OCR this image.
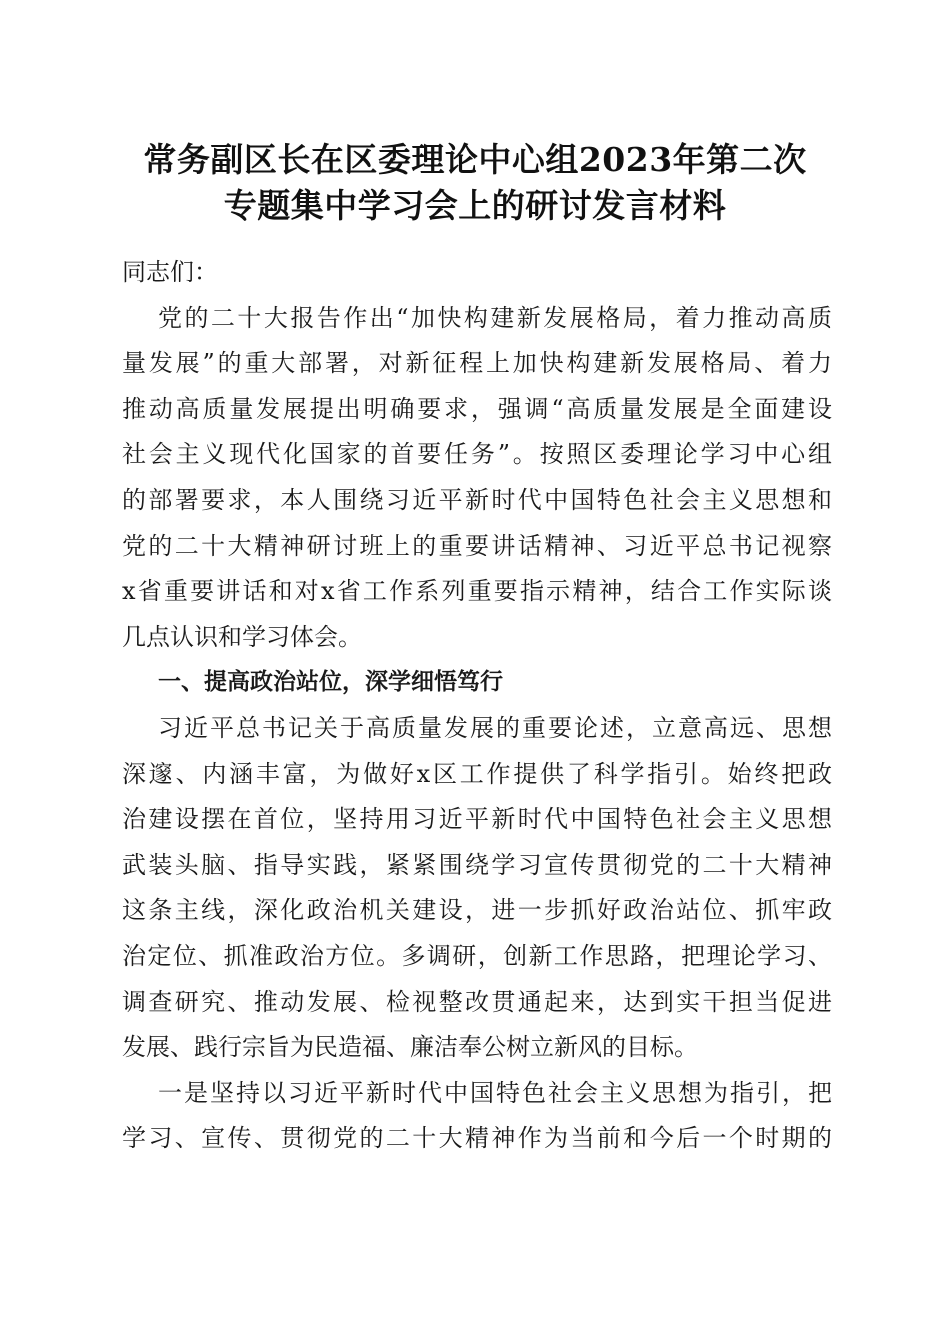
常务副区长在区委理论中心组2023年第二次
专题集中学习会上的研讨发言材料
同志们：
党的二十大报告作出“加快构建新发展格局，着力推动高质
量发展”的重大部署，对新征程上加快构建新发展格局、着力
推动高质量发展提出明确要求，强调“高质量发展是全面建设
社会主义现代化国家的首要任务”。按照区委理论学习中心组
的部署要求，本人围绕习近平新时代中国特色社会主义思想和
党的二十大精神研讨班上的重要讲话精神、习近平总书记视察
x省重要讲话和对x省工作系列重要指示精神，结合工作实际谈
几点认识和学习体会。
一、提高政治站位，深学细悟笃行
习近平总书记关于高质量发展的重要论述，立意高远、思想
深邃、内涵丰富，为做好x区工作提供了科学指引。始终把政
治建设摆在首位，坚持用习近平新时代中国特色社会主义思想
武装头脑、指导实践，紧紧围绕学习宣传贯彻党的二十大精神
这条主线，深化政治机关建设，进一步抓好政治站位、抓牢政
治定位、抓准政治方位。多调研，创新工作思路，把理论学习、
调查研究、推动发展、检视整改贯通起来，达到实干担当促进
发展、践行宗旨为民造福、廉洁奉公树立新风的目标。
一是坚持以习近平新时代中国特色社会主义思想为指引，把
学习、宣传、贯彻党的二十大精神作为当前和今后一个时期的
